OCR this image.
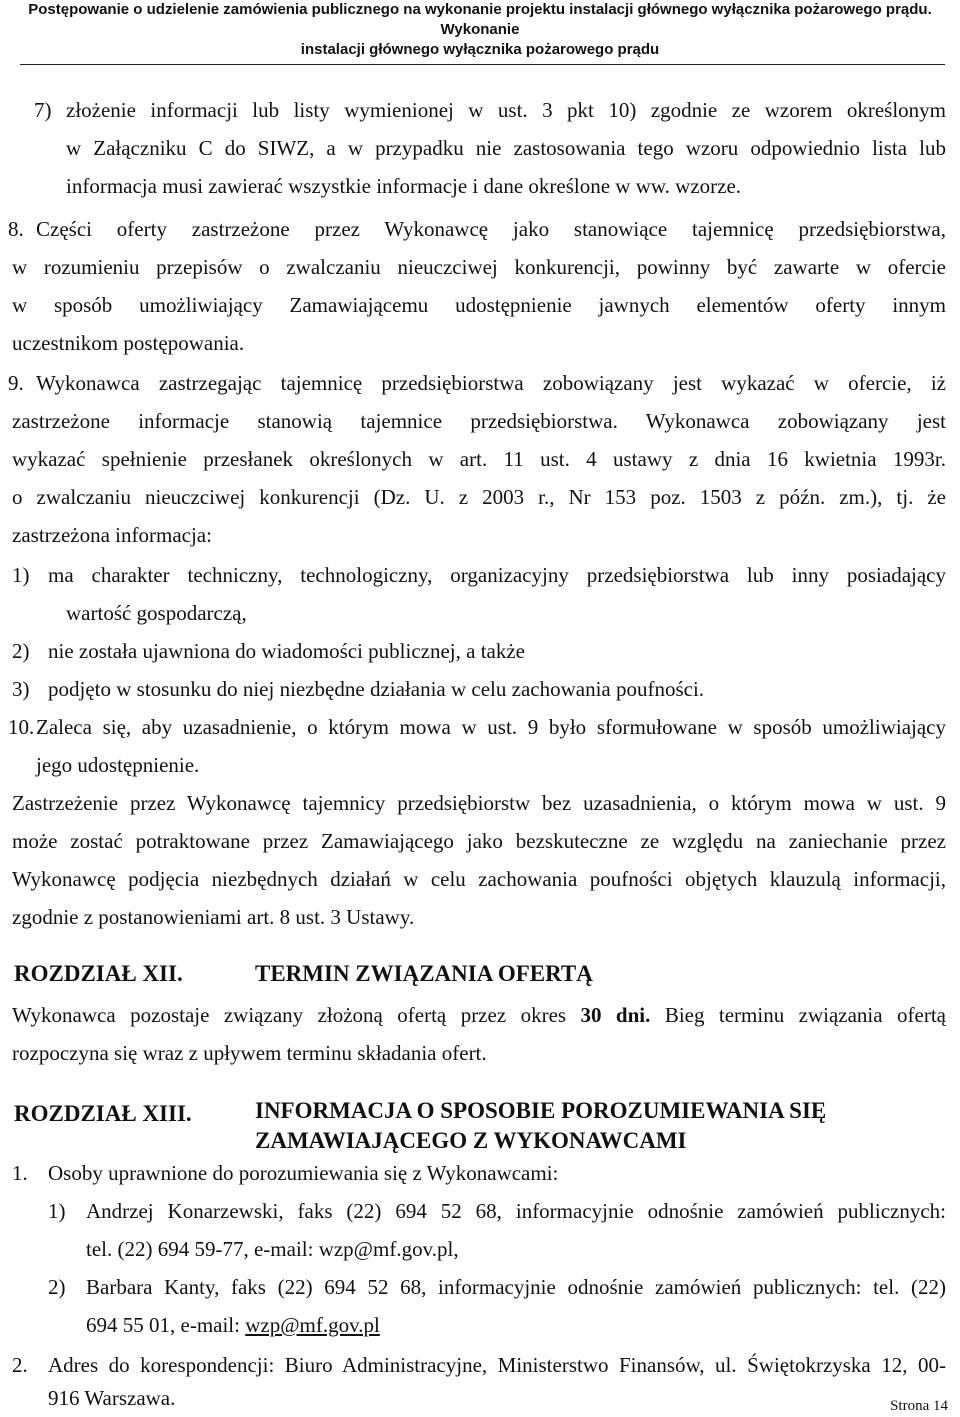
Postępowanie o udzielenie zamówienia publicznego na wykonanie projektu instalacji głównego wyłącznika pożarowego prądu. Wykonanie
instalacji głównego wyłącznika pożarowego prądu
7) złożenie informacji lub listy wymienionej w ust. 3 pkt 10) zgodnie ze wzorem określonym
w Załączniku C do SIWZ, a w przypadku nie zastosowania tego wzoru odpowiednio lista lub
informacja musi zawierać wszystkie informacje i dane określone w ww. wzorze.
8. Części oferty zastrzeżone przez Wykonawcę jako stanowiące tajemnicę przedsiębiorstwa,
w rozumieniu przepisów o zwalczaniu nieuczciwej konkurencji, powinny być zawarte w ofercie
w sposób umożliwiający Zamawiającemu udostępnienie jawnych elementów oferty innym
uczestnikom postępowania.
9. Wykonawca zastrzegając tajemnicę przedsiębiorstwa zobowiązany jest wykazać w ofercie, iż
zastrzeżone informacje stanowią tajemnice przedsiębiorstwa. Wykonawca zobowiązany jest
wykazać spełnienie przesłanek określonych w art. 11 ust. 4 ustawy z dnia 16 kwietnia 1993r.
o zwalczaniu nieuczciwej konkurencji (Dz. U. z 2003 r., Nr 153 poz. 1503 z późn. zm.), tj. że
zastrzeżona informacja:
1) ma charakter techniczny, technologiczny, organizacyjny przedsiębiorstwa lub inny posiadający
wartość gospodarczą,
2) nie została ujawniona do wiadomości publicznej, a także
3) podjęto w stosunku do niej niezbędne działania w celu zachowania poufności.
10. Zaleca się, aby uzasadnienie, o którym mowa w ust. 9 było sformułowane w sposób umożliwiający
jego udostępnienie.
Zastrzeżenie przez Wykonawcę tajemnicy przedsiębiorstw bez uzasadnienia, o którym mowa w ust. 9
może zostać potraktowane przez Zamawiającego jako bezskuteczne ze względu na zaniechanie przez
Wykonawcę podjęcia niezbędnych działań w celu zachowania poufności objętych klauzulą informacji,
zgodnie z postanowieniami art. 8 ust. 3 Ustawy.
ROZDZIAŁ XII.	TERMIN ZWIĄZANIA OFERTĄ
Wykonawca pozostaje związany złożoną ofertą przez okres 30 dni. Bieg terminu związania ofertą
rozpoczyna się wraz z upływem terminu składania ofert.
ROZDZIAŁ XIII.	INFORMACJA O SPOSOBIE POROZUMIEWANIA SIĘ
ZAMAWIAJĄCEGO Z WYKONAWCAMI
1. Osoby uprawnione do porozumiewania się z Wykonawcami:
1) Andrzej Konarzewski, faks (22) 694 52 68, informacyjnie odnośnie zamówień publicznych:
tel. (22) 694 59-77, e-mail: wzp@mf.gov.pl,
2) Barbara Kanty, faks (22) 694 52 68, informacyjnie odnośnie zamówień publicznych: tel. (22)
694 55 01, e-mail: wzp@mf.gov.pl
2. Adres do korespondencji: Biuro Administracyjne, Ministerstwo Finansów, ul. Świętokrzyska 12, 00-
916 Warszawa.	Strona 14
